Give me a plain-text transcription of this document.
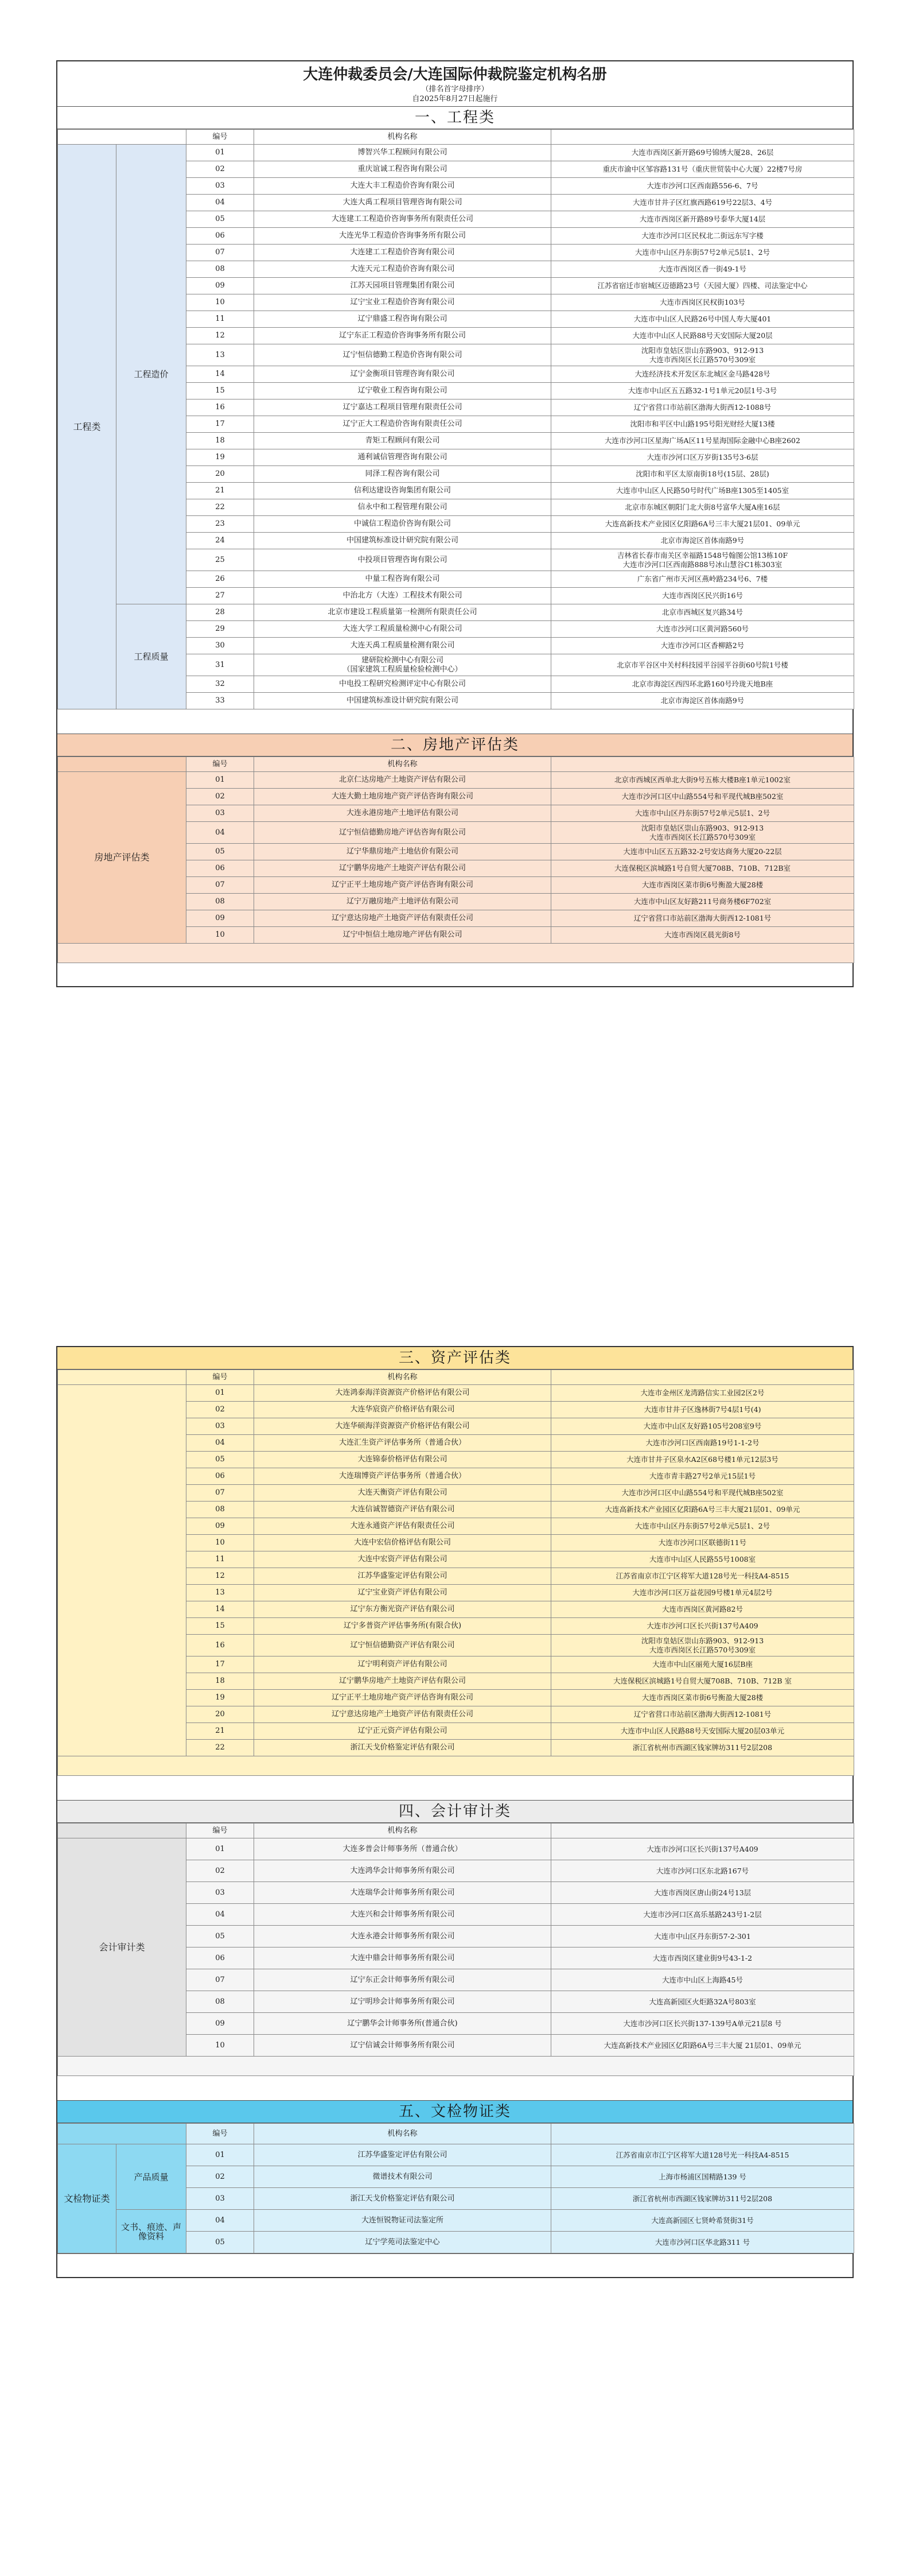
大连仲裁委员会/大连国际仲裁院鉴定机构名册
（排名首字母排序）
自2025年8月27日起施行
一、工程类
		编号	机构名称	
工程类	工程造价	01	博智兴华工程顾问有限公司	大连市西岗区新开路69号锦绣大厦28、26层
		02	重庆谊诚工程咨询有限公司	重庆市渝中区邹容路131号（重庆世贸装中心大厦）22楼7号房
		03	大连大丰工程造价咨询有限公司	大连市沙河口区西南路556-6、7号
		04	大连大禹工程项目管理咨询有限公司	大连市甘井子区红旗西路619号22层3、4号
		05	大连建工工程造价咨询事务所有限责任公司	大连市西岗区新开路89号泰华大厦14层
		06	大连光华工程造价咨询事务所有限公司	大连市沙河口区民权北二街远东写字楼
		07	大连建工工程造价咨询有限公司	大连市中山区丹东街57号2单元5层1、2号
		08	大连天元工程造价咨询有限公司	大连市西岗区香一街49-1号
		09	江苏天园项目管理集团有限公司	江苏省宿迁市宿城区迈德路23号（天园大厦）四楼、司法鉴定中心
		10	辽宁宝业工程造价咨询有限公司	大连市西岗区民权街103号
		11	辽宁鼎盛工程咨询有限公司	大连市中山区人民路26号中国人寿大厦401
		12	辽宁东正工程造价咨询事务所有限公司	大连市中山区人民路88号天安国际大厦20层
		13	辽宁恒信德勤工程造价咨询有限公司	沈阳市皇姑区崇山东路903、912-913
大连市西岗区长江路570号309室
		14	辽宁金衡项目管理咨询有限公司	大连经济技术开发区东北城区金马路428号
		15	辽宁敬业工程咨询有限公司	大连市中山区五五路32-1号1单元20层1号-3号
		16	辽宁嘉达工程项目管理有限责任公司	辽宁省营口市站前区渤海大街西12-1088号
		17	辽宁正大工程造价咨询有限责任公司	沈阳市和平区中山路195号阳光财经大厦13楼
		18	青矩工程顾问有限公司	大连市沙河口区星海广场A区11号星海国际金融中心B座2602
		19	通利诚信管理咨询有限公司	大连市沙河口区万岁街135号3-6层
		20	同泽工程咨询有限公司	沈阳市和平区太原南街18号(15层、28层)
		21	信利达建设咨询集团有限公司	大连市中山区人民路50号时代广场B座1305至1405室
		22	信永中和工程管理有限公司	北京市东城区朝阳门北大街8号富华大厦A座16层
		23	中诚信工程造价咨询有限公司	大连高新技术产业园区亿阳路6A号三丰大厦21层01、09单元
		24	中国建筑标准设计研究院有限公司	北京市海淀区首体南路9号
		25	中投项目管理咨询有限公司	吉林省长春市南关区幸福路1548号翰图公馆13栋10F
大连市沙河口区西南路888号冰山慧谷C1栋303室
		26	中量工程咨询有限公司	广东省广州市天河区燕岭路234号6、7楼
		27	中治北方（大连）工程技术有限公司	大连市西岗区民兴街16号
	工程质量	28	北京市建设工程质量第一检测所有限责任公司	北京市西城区复兴路34号
		29	大连大学工程质量检测中心有限公司	大连市沙河口区黄河路560号
		30	大连天禹工程质量检测有限公司	大连市沙河口区香柳路2号
		31	建研院检测中心有限公司
（国家建筑工程质量检验检测中心）	北京市平谷区中关村科技园平谷园平谷街60号院1号楼
		32	中电投工程研究检测评定中心有限公司	北京市海淀区西四环北路160号玲珑天地B座
		33	中国建筑标准设计研究院有限公司	北京市海淀区首体南路9号
二、房地产评估类
	编号	机构名称	
房地产评估类	01	北京仁达房地产土地资产评估有限公司	北京市西城区西单北大街9号五栋大楼B座1单元1002室
	02	大连大勤土地房地产资产评估咨询有限公司	大连市沙河口区中山路554号和平现代城B座502室
	03	大连永港房地产土地评估有限公司	大连市中山区丹东街57号2单元5层1、2号
	04	辽宁恒信德勤房地产评估咨询有限公司	沈阳市皇姑区崇山东路903、912-913
大连市西岗区长江路570号309室
	05	辽宁华鼎房地产土地估价有限公司	大连市中山区五五路32-2号安达商务大厦20-22层
	06	辽宁鹏华房地产土地资产评估有限公司	大连保税区滨城路1号自贸大厦708B、710B、712B室
	07	辽宁正平土地房地产资产评估咨询有限公司	大连市西岗区菜市街6号衡盈大厦28楼
	08	辽宁万融房地产土地评估有限公司	大连市中山区友好路211号商务楼6F702室
	09	辽宁意达房地产土地资产评估有限责任公司	辽宁省营口市站前区渤海大街西12-1081号
	10	辽宁中恒信土地房地产评估有限公司	大连市西岗区晨光街8号

三、资产评估类
	编号	机构名称	
	01	大连鸿泰海洋资源资产价格评估有限公司	大连市金州区龙湾路信实工业园2区2号
	02	大连华宸资产价格评估有限公司	大连市甘井子区逸林街7号4层1号(4)
	03	大连华硕海洋资源资产价格评估有限公司	大连市中山区友好路105号208室9号
	04	大连汇生资产评估事务所（普通合伙）	大连市沙河口区西南路19号1-1-2号
	05	大连锦泰价格评估有限公司	大连市甘井子区泉水A2区68号楼1单元12层3号
	06	大连瑞博资产评估事务所（普通合伙）	大连市青丰路27号2单元15层1号
	07	大连天衡资产评估有限公司	大连市沙河口区中山路554号和平现代城B座502室
	08	大连信诚智德资产评估有限公司	大连高新技术产业园区亿阳路6A号三丰大厦21层01、09单元
	09	大连永通资产评估有限责任公司	大连市中山区丹东街57号2单元5层1、2号
	10	大连中宏信价格评估有限公司	大连市沙河口区联德街11号
	11	大连中宏资产评估有限公司	大连市中山区人民路55号1008室
	12	江苏华盛鉴定评估有限公司	江苏省南京市江宁区将军大道128号光一科技A4-8515
	13	辽宁宝业资产评估有限公司	大连市沙河口区万益花园9号楼1单元4层2号
	14	辽宁东方衡光资产评估有限公司	大连市西岗区黄河路82号
	15	辽宁多普资产评估事务所(有限合伙)	大连市沙河口区长兴街137号A409
	16	辽宁恒信德勤资产评估有限公司	沈阳市皇姑区崇山东路903、912-913
大连市西岗区长江路570号309室
	17	辽宁明利资产评估有限公司	大连市中山区丽苑大厦16层B座
	18	辽宁鹏华房地产土地资产评估有限公司	大连保税区滨城路1号自贸大厦708B、710B、712B 室
	19	辽宁正平土地房地产资产评估咨询有限公司	大连市西岗区菜市街6号衡盈大厦28楼
	20	辽宁意达房地产土地资产评估有限责任公司	辽宁省营口市站前区渤海大街西12-1081号
	21	辽宁正元资产评估有限公司	大连市中山区人民路88号天安国际大厦20层03单元
	22	浙江天戈价格鉴定评估有限公司	浙江省杭州市西湖区钱家牌坊311号2层208

四、会计审计类
	编号	机构名称	
会计审计类	01	大连多普会计师事务所（普通合伙）	大连市沙河口区长兴街137号A409
	02	大连鸿华会计师事务所有限公司	大连市沙河口区东北路167号
	03	大连瑞华会计师事务所有限公司	大连市西岗区唐山街24号13层
	04	大连兴和会计师事务所有限公司	大连市沙河口区高乐基路243号1-2层
	05	大连永港会计师事务所有限公司	大连市中山区丹东街57-2-301
	06	大连中鼎会计师事务所有限公司	大连市西岗区建业街9号43-1-2
	07	辽宁东正会计师事务所有限公司	大连市中山区上海路45号
	08	辽宁明珍会计师事务所有限公司	大连高新园区火炬路32A号803室
	09	辽宁鹏华会计师事务所(普通合伙)	大连市沙河口区长兴街137-139号A单元21层8 号
	10	辽宁信诚会计师事务所有限公司	大连高新技术产业园区亿阳路6A号三丰大厦 21层01、09单元

五、文检物证类
		编号	机构名称	
文检物证类	产品质量	01	江苏华盛鉴定评估有限公司	江苏省南京市江宁区将军大道128号光一科技A4-8515
		02	微谱技术有限公司	上海市杨浦区国精路139 号
		03	浙江天戈价格鉴定评估有限公司	浙江省杭州市西湖区钱家牌坊311号2层208
	文书、痕迹、声像资料	04	大连恒锐物证司法鉴定所	大连高新园区七贤岭希贤街31号
		05	辽宁学苑司法鉴定中心	大连市沙河口区华北路311 号
